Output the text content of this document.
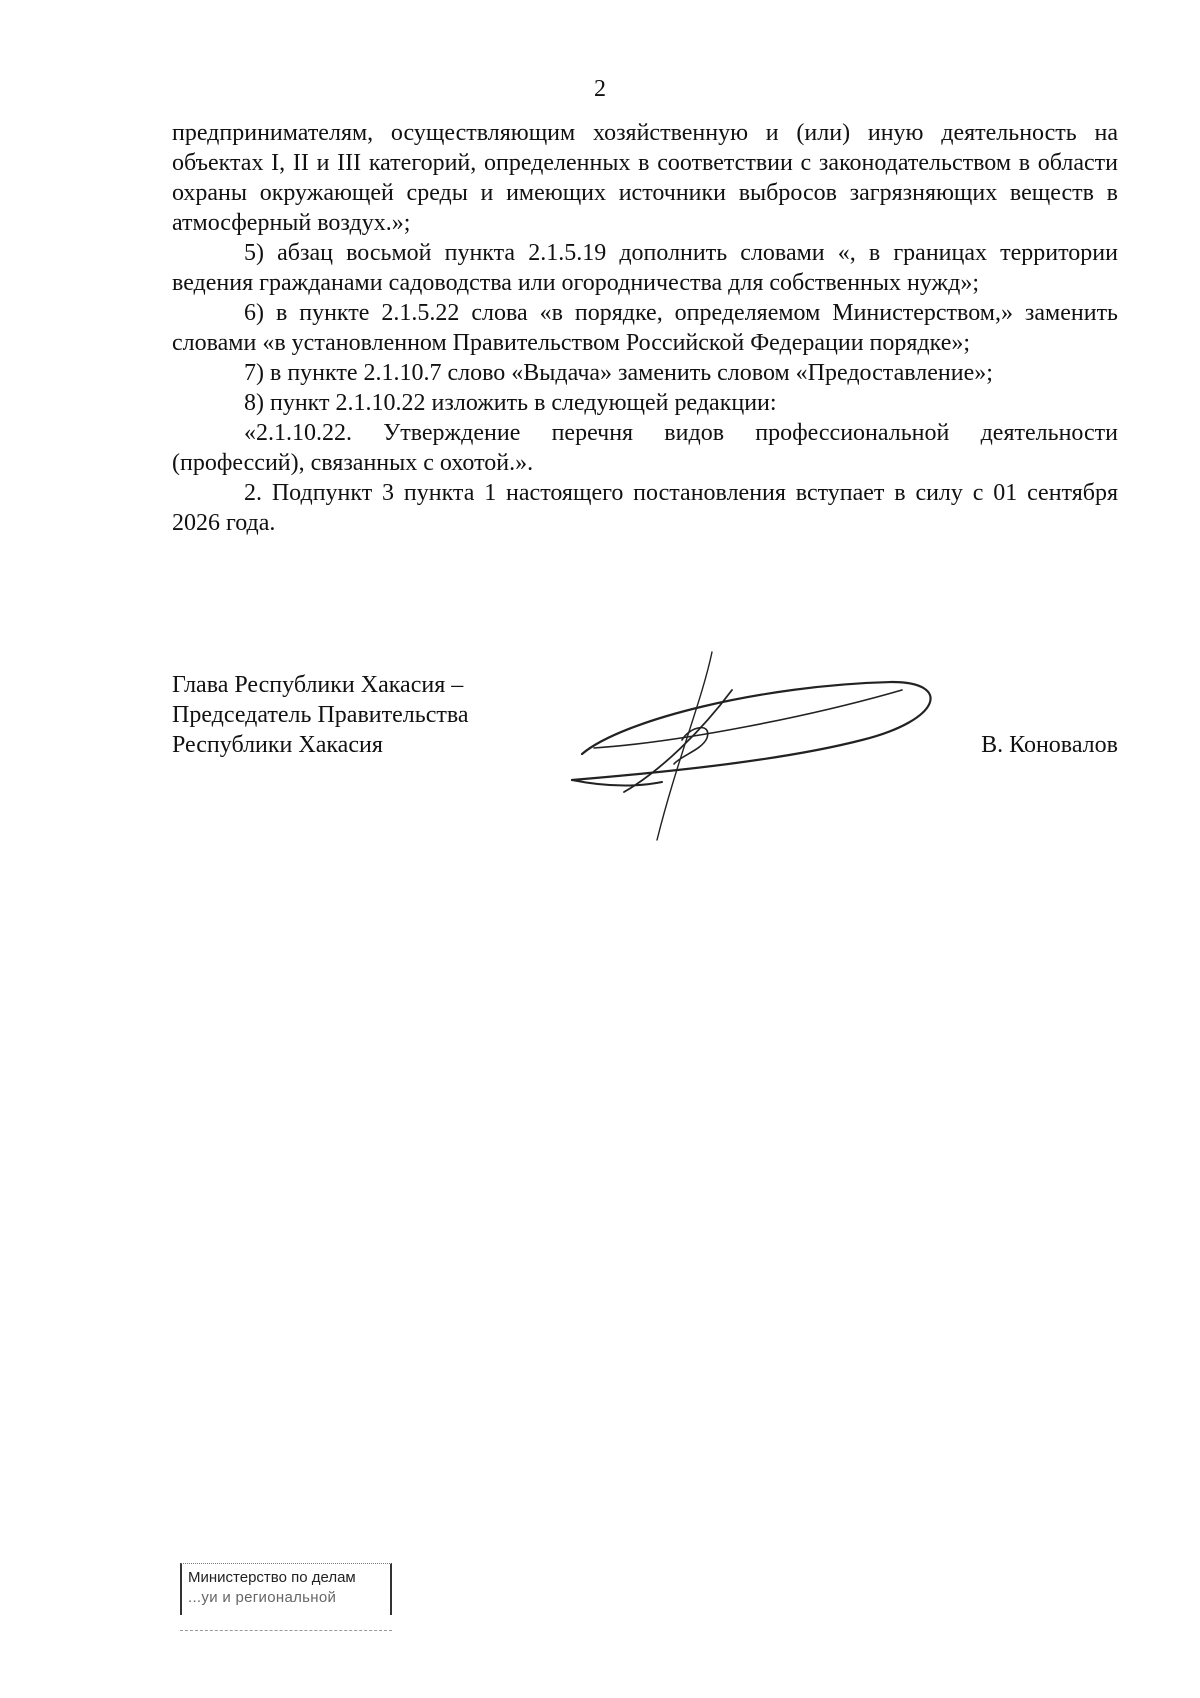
2

предпринимателям, осуществляющим хозяйственную и (или) иную деятельность на объектах I, II и III категорий, определенных в соответствии с законодательством в области охраны окружающей среды и имеющих источники выбросов загрязняющих веществ в атмосферный воздух.»;

5) абзац восьмой пункта 2.1.5.19 дополнить словами «, в границах территории ведения гражданами садоводства или огородничества для собственных нужд»;

6) в пункте 2.1.5.22 слова «в порядке, определяемом Министерством,» заменить словами «в установленном Правительством Российской Федерации порядке»;

7) в пункте 2.1.10.7 слово «Выдача» заменить словом «Предоставление»;

8) пункт 2.1.10.22 изложить в следующей редакции:

«2.1.10.22. Утверждение перечня видов профессиональной деятельности (профессий), связанных с охотой.».

2. Подпункт 3 пункта 1 настоящего постановления вступает в силу с 01 сентября 2026 года.

Глава Республики Хакасия –
Председатель Правительства
Республики Хакасия	В. Коновалов
Министерство по делам
...уи и региональной
